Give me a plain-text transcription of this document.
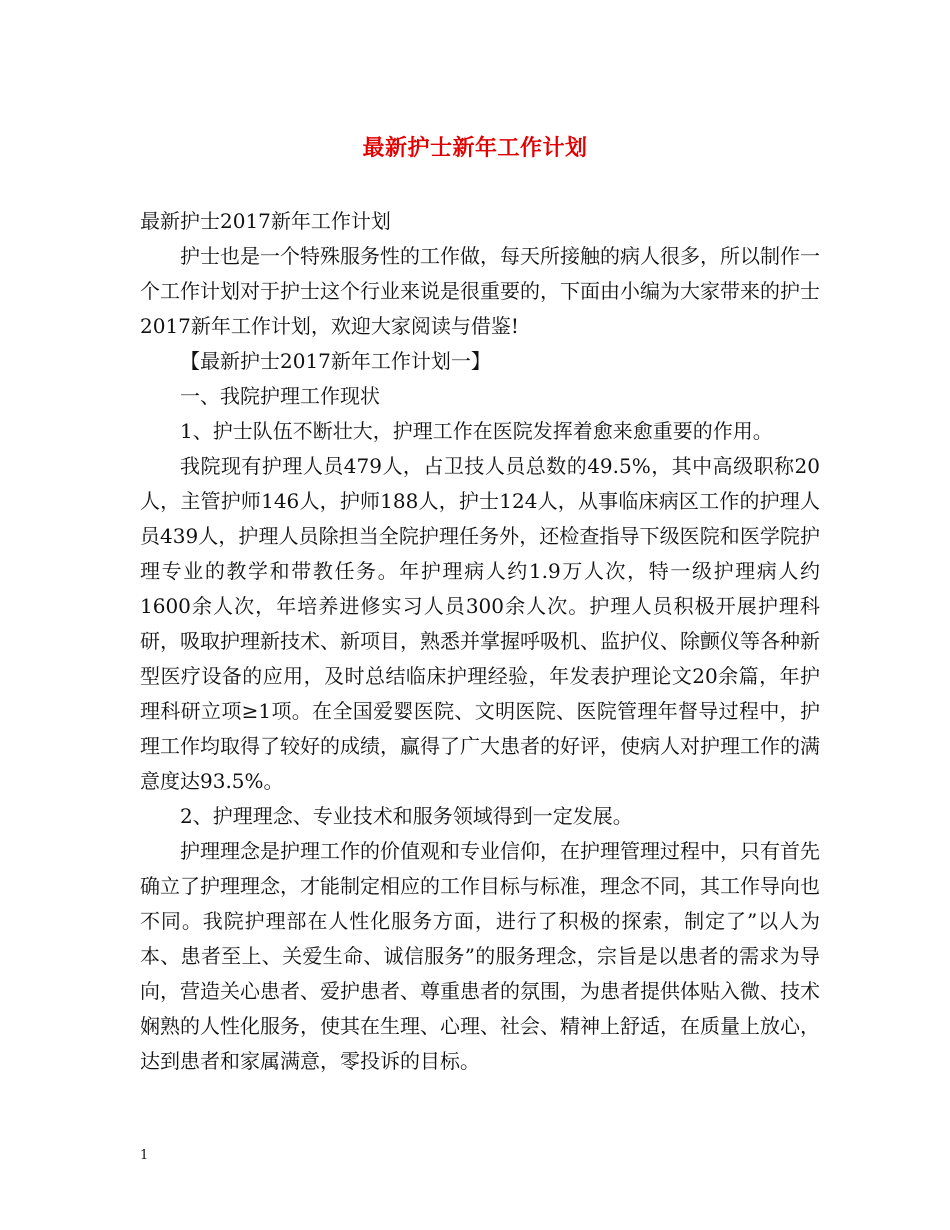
最新护士新年工作计划

最新护士2017新年工作计划

护士也是一个特殊服务性的工作做，每天所接触的病人很多，所以制作一个工作计划对于护士这个行业来说是很重要的，下面由小编为大家带来的护士2017新年工作计划，欢迎大家阅读与借鉴!

【最新护士2017新年工作计划一】

一、我院护理工作现状

1、护士队伍不断壮大，护理工作在医院发挥着愈来愈重要的作用。

我院现有护理人员479人，占卫技人员总数的49.5%，其中高级职称20人，主管护师146人，护师188人，护士124人，从事临床病区工作的护理人员439人，护理人员除担当全院护理任务外，还检查指导下级医院和医学院护理专业的教学和带教任务。年护理病人约1.9万人次，特一级护理病人约1600余人次，年培养进修实习人员300余人次。护理人员积极开展护理科研，吸取护理新技术、新项目，熟悉并掌握呼吸机、监护仪、除颤仪等各种新型医疗设备的应用，及时总结临床护理经验，年发表护理论文20余篇，年护理科研立项≥1项。在全国爱婴医院、文明医院、医院管理年督导过程中，护理工作均取得了较好的成绩，赢得了广大患者的好评，使病人对护理工作的满意度达93.5%。

2、护理理念、专业技术和服务领域得到一定发展。

护理理念是护理工作的价值观和专业信仰，在护理管理过程中，只有首先确立了护理理念，才能制定相应的工作目标与标准，理念不同，其工作导向也不同。我院护理部在人性化服务方面，进行了积极的探索，制定了”以人为本、患者至上、关爱生命、诚信服务”的服务理念，宗旨是以患者的需求为导向，营造关心患者、爱护患者、尊重患者的氛围，为患者提供体贴入微、技术娴熟的人性化服务，使其在生理、心理、社会、精神上舒适，在质量上放心，达到患者和家属满意，零投诉的目标。

1
